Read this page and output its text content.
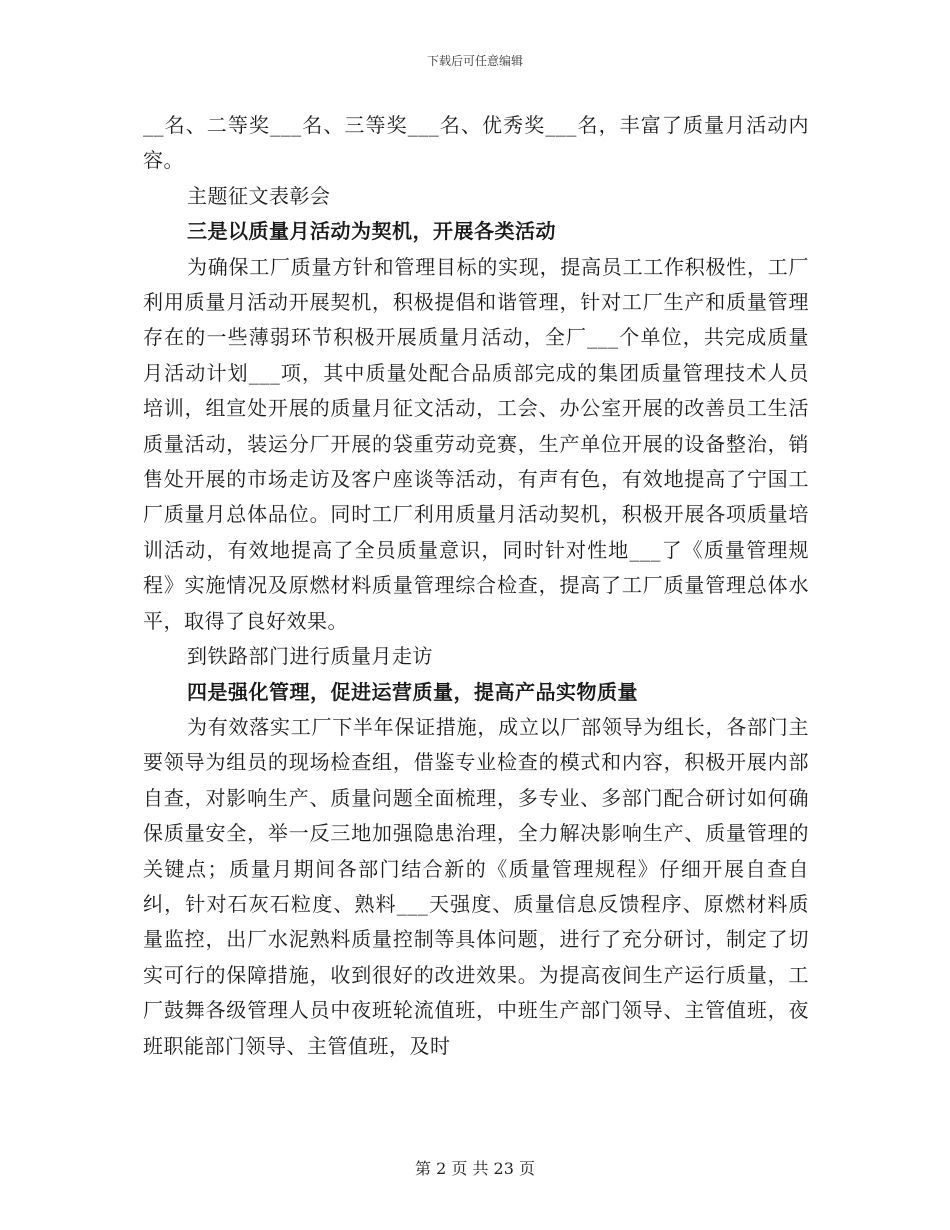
下载后可任意编辑

__名、二等奖___名、三等奖___名、优秀奖___名，丰富了质量月活动内容。

主题征文表彰会

三是以质量月活动为契机，开展各类活动

为确保工厂质量方针和管理目标的实现，提高员工工作积极性，工厂利用质量月活动开展契机，积极提倡和谐管理，针对工厂生产和质量管理存在的一些薄弱环节积极开展质量月活动，全厂___个单位，共完成质量月活动计划___项，其中质量处配合品质部完成的集团质量管理技术人员培训，组宣处开展的质量月征文活动，工会、办公室开展的改善员工生活质量活动，装运分厂开展的袋重劳动竞赛，生产单位开展的设备整治，销售处开展的市场走访及客户座谈等活动，有声有色，有效地提高了宁国工厂质量月总体品位。同时工厂利用质量月活动契机，积极开展各项质量培训活动，有效地提高了全员质量意识，同时针对性地___了《质量管理规程》实施情况及原燃材料质量管理综合检查，提高了工厂质量管理总体水平，取得了良好效果。

到铁路部门进行质量月走访

四是强化管理，促进运营质量，提高产品实物质量

为有效落实工厂下半年保证措施，成立以厂部领导为组长，各部门主要领导为组员的现场检查组，借鉴专业检查的模式和内容，积极开展内部自查，对影响生产、质量问题全面梳理，多专业、多部门配合研讨如何确保质量安全，举一反三地加强隐患治理，全力解决影响生产、质量管理的关键点；质量月期间各部门结合新的《质量管理规程》仔细开展自查自纠，针对石灰石粒度、熟料___天强度、质量信息反馈程序、原燃材料质量监控，出厂水泥熟料质量控制等具体问题，进行了充分研讨，制定了切实可行的保障措施，收到很好的改进效果。为提高夜间生产运行质量，工厂鼓舞各级管理人员中夜班轮流值班，中班生产部门领导、主管值班，夜班职能部门领导、主管值班，及时

第 2 页 共 23 页
